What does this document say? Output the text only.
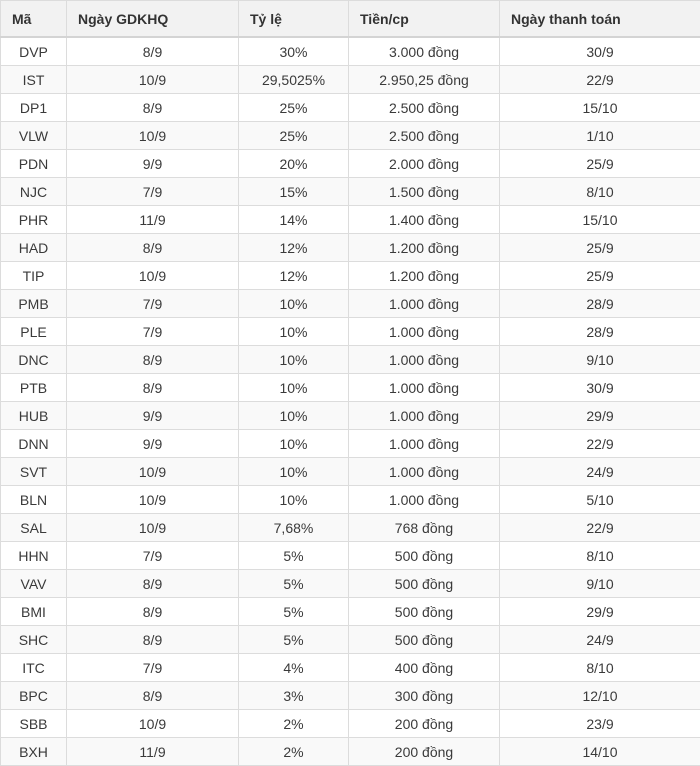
Mã	Ngày GDKHQ	Tỷ lệ	Tiền/cp	Ngày thanh toán
DVP	8/9	30%	3.000 đồng	30/9
IST	10/9	29,5025%	2.950,25 đồng	22/9
DP1	8/9	25%	2.500 đồng	15/10
VLW	10/9	25%	2.500 đồng	1/10
PDN	9/9	20%	2.000 đồng	25/9
NJC	7/9	15%	1.500 đồng	8/10
PHR	11/9	14%	1.400 đồng	15/10
HAD	8/9	12%	1.200 đồng	25/9
TIP	10/9	12%	1.200 đồng	25/9
PMB	7/9	10%	1.000 đồng	28/9
PLE	7/9	10%	1.000 đồng	28/9
DNC	8/9	10%	1.000 đồng	9/10
PTB	8/9	10%	1.000 đồng	30/9
HUB	9/9	10%	1.000 đồng	29/9
DNN	9/9	10%	1.000 đồng	22/9
SVT	10/9	10%	1.000 đồng	24/9
BLN	10/9	10%	1.000 đồng	5/10
SAL	10/9	7,68%	768 đồng	22/9
HHN	7/9	5%	500 đồng	8/10
VAV	8/9	5%	500 đồng	9/10
BMI	8/9	5%	500 đồng	29/9
SHC	8/9	5%	500 đồng	24/9
ITC	7/9	4%	400 đồng	8/10
BPC	8/9	3%	300 đồng	12/10
SBB	10/9	2%	200 đồng	23/9
BXH	11/9	2%	200 đồng	14/10
